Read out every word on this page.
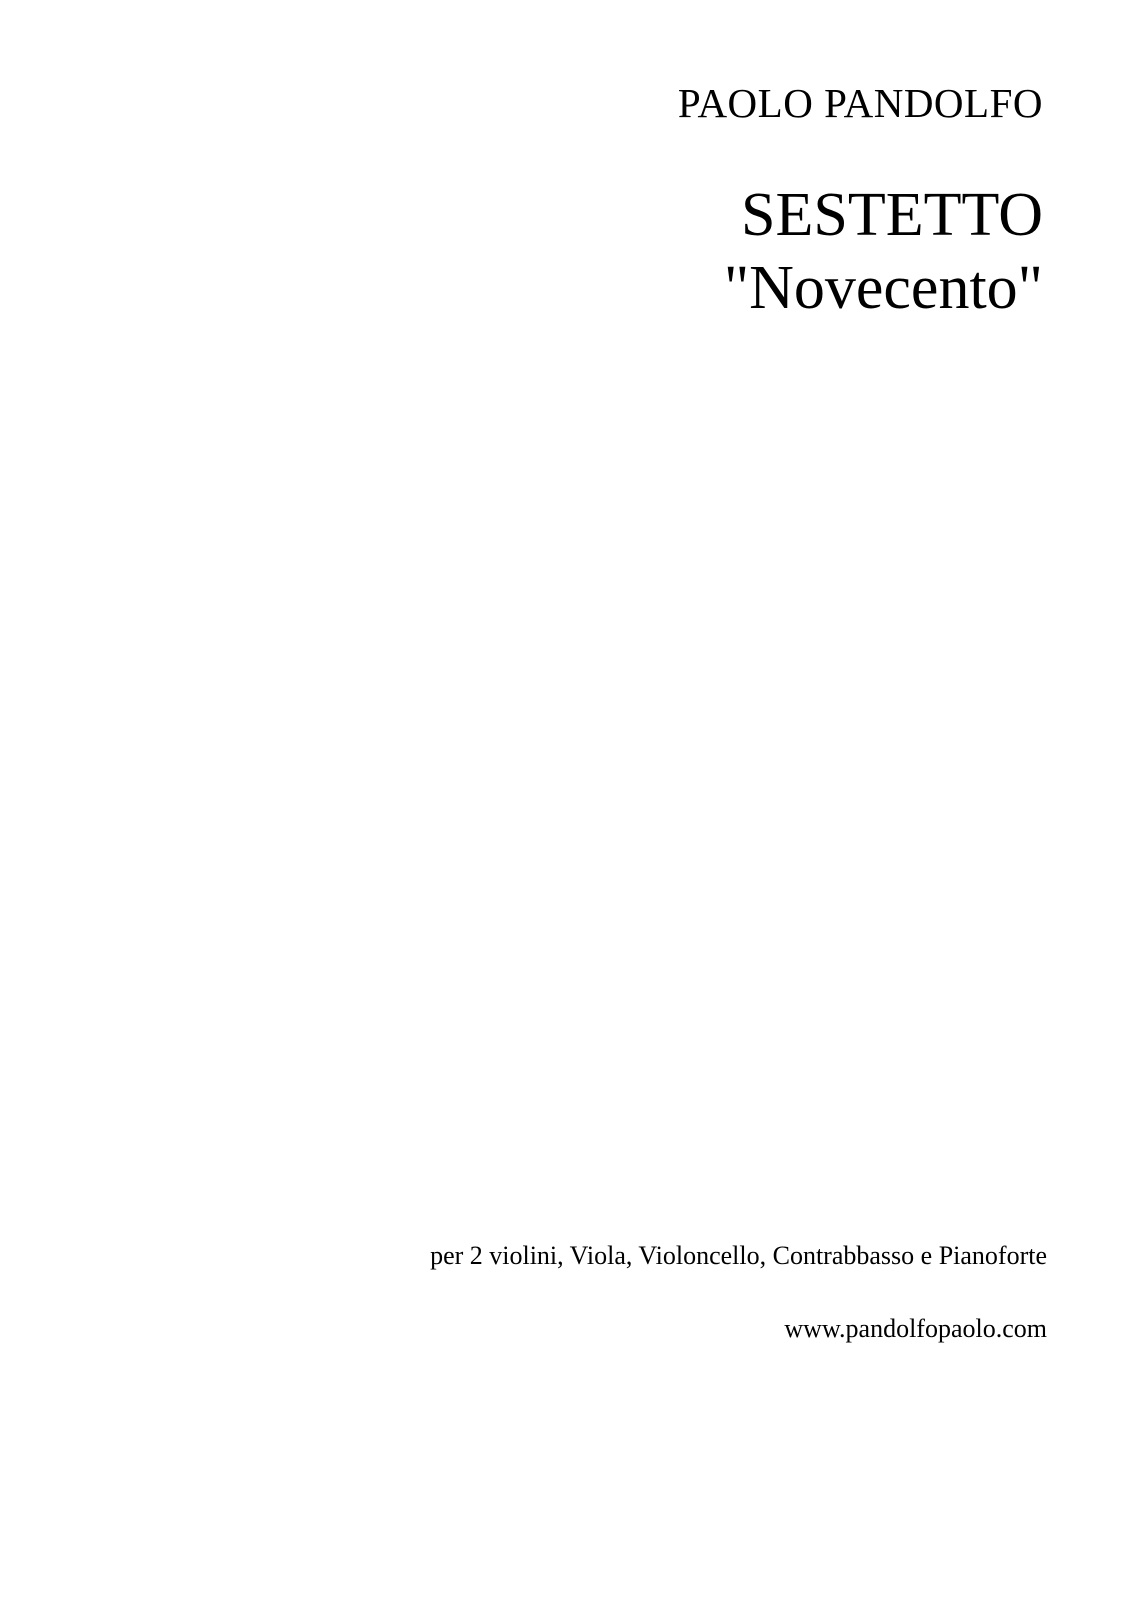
PAOLO PANDOLFO
SESTETTO
"Novecento"
per 2 violini, Viola, Violoncello, Contrabbasso e Pianoforte
www.pandolfopaolo.com
